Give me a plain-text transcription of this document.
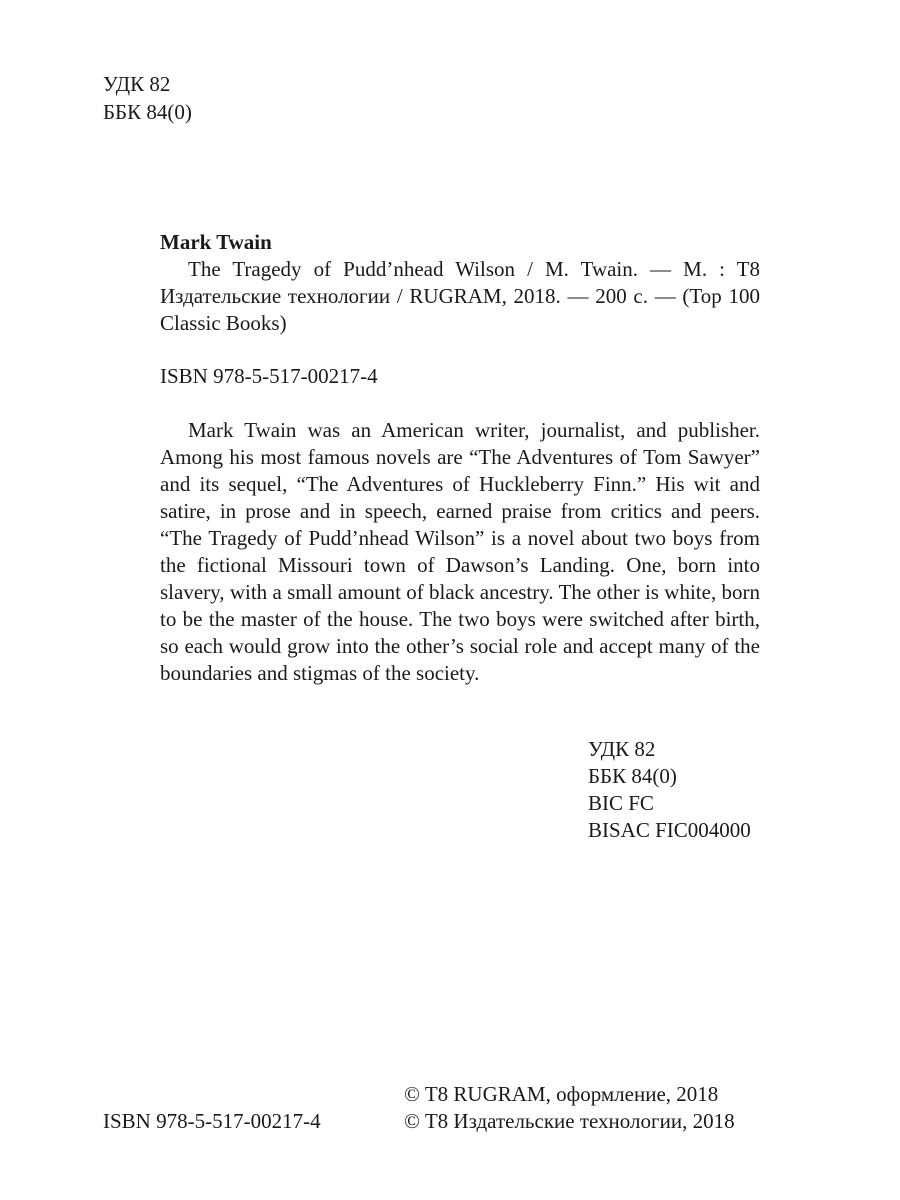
УДК 82
ББК 84(0)
Mark Twain

The Tragedy of Pudd’nhead Wilson / M. Twain. — M. : T8 Издательские технологии / RUGRAM, 2018. — 200 с. — (Top 100 Classic Books)

ISBN 978-5-517-00217-4

Mark Twain was an American writer, journalist, and publisher. Among his most famous novels are “The Adventures of Tom Sawyer” and its sequel, “The Adventures of Huckleberry Finn.” His wit and satire, in prose and in speech, earned praise from critics and peers. “The Tragedy of Pudd’nhead Wilson” is a novel about two boys from the fictional Missouri town of Dawson’s Landing. One, born into slavery, with a small amount of black ancestry. The other is white, born to be the master of the house. The two boys were switched after birth, so each would grow into the other’s social role and accept many of the boundaries and stigmas of the society.

УДК 82
ББК 84(0)
BIC FC
BISAC FIC004000
ISBN 978-5-517-00217-4
© T8 RUGRAM, оформление, 2018
© T8 Издательские технологии, 2018
